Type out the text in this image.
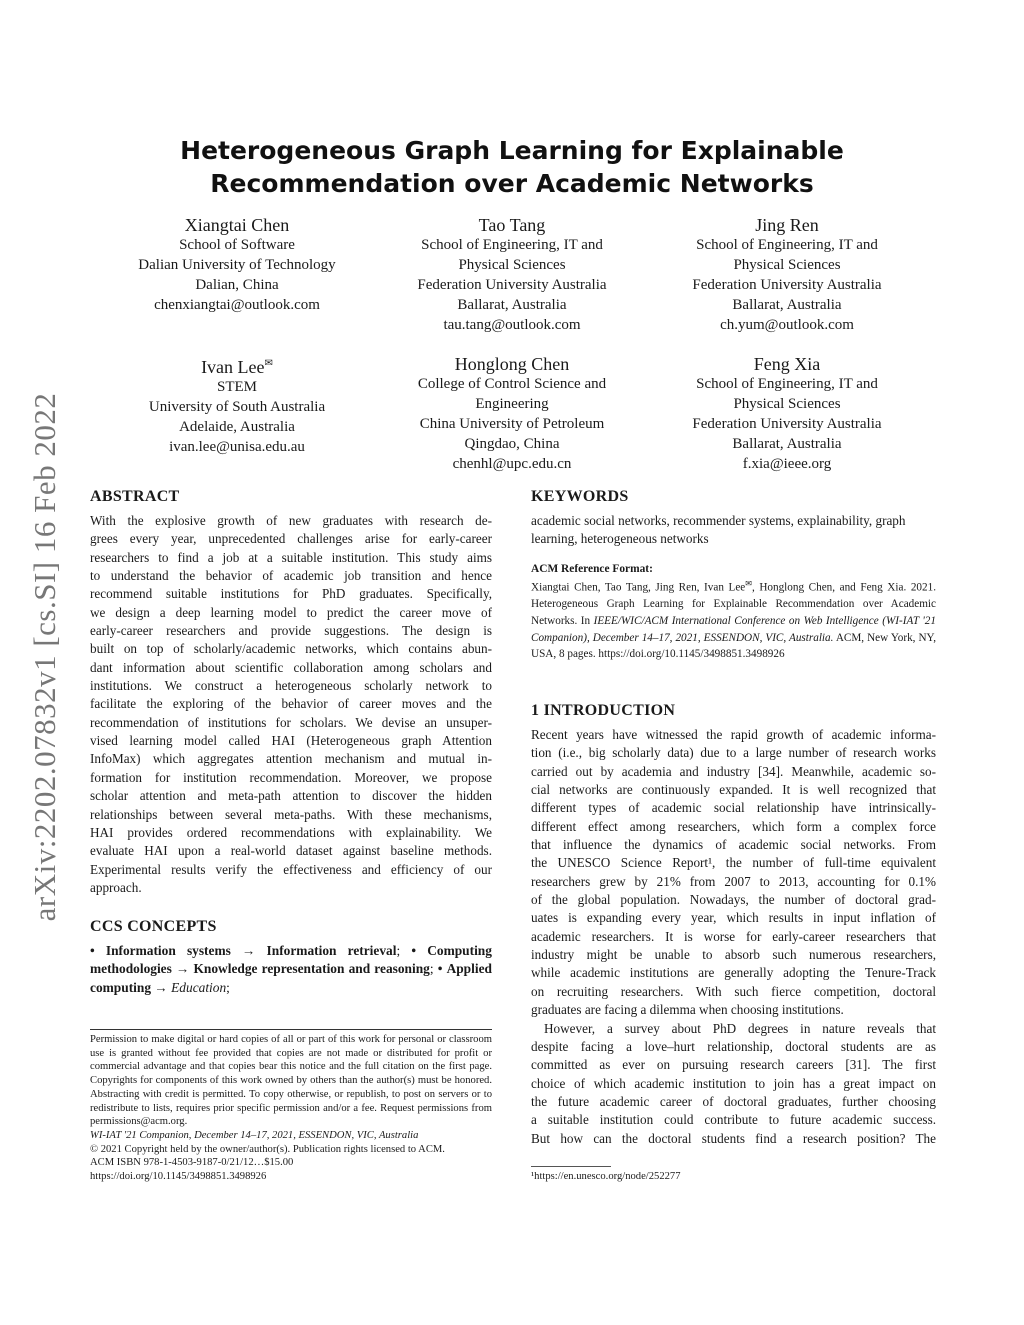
Heterogeneous Graph Learning for Explainable
Recommendation over Academic Networks
Xiangtai Chen
School of Software
Dalian University of Technology
Dalian, China
chenxiangtai@outlook.com
Tao Tang
School of Engineering, IT and
Physical Sciences
Federation University Australia
Ballarat, Australia
tau.tang@outlook.com
Jing Ren
School of Engineering, IT and
Physical Sciences
Federation University Australia
Ballarat, Australia
ch.yum@outlook.com
Ivan Lee✉
STEM
University of South Australia
Adelaide, Australia
ivan.lee@unisa.edu.au
Honglong Chen
College of Control Science and
Engineering
China University of Petroleum
Qingdao, China
chenhl@upc.edu.cn
Feng Xia
School of Engineering, IT and
Physical Sciences
Federation University Australia
Ballarat, Australia
f.xia@ieee.org
arXiv:2202.07832v1 [cs.SI] 16 Feb 2022 ABSTRACT
With the explosive growth of new graduates with research de-
grees every year, unprecedented challenges arise for early-career
researchers to find a job at a suitable institution. This study aims
to understand the behavior of academic job transition and hence
recommend suitable institutions for PhD graduates. Specifically,
we design a deep learning model to predict the career move of
early-career researchers and provide suggestions. The design is
built on top of scholarly/academic networks, which contains abun-
dant information about scientific collaboration among scholars and
institutions. We construct a heterogeneous scholarly network to
facilitate the exploring of the behavior of career moves and the
recommendation of institutions for scholars. We devise an unsuper-
vised learning model called HAI (Heterogeneous graph Attention
InfoMax) which aggregates attention mechanism and mutual in-
formation for institution recommendation. Moreover, we propose
scholar attention and meta-path attention to discover the hidden
relationships between several meta-paths. With these mechanisms,
HAI provides ordered recommendations with explainability. We
evaluate HAI upon a real-world dataset against baseline methods.
Experimental results verify the effectiveness and efficiency of our
approach.
CCS CONCEPTS
• Information systems → Information retrieval; • Computing methodologies → Knowledge representation and reasoning; • Applied computing → Education;
Permission to make digital or hard copies of all or part of this work for personal or classroom use is granted without fee provided that copies are not made or distributed for profit or commercial advantage and that copies bear this notice and the full citation on the first page. Copyrights for components of this work owned by others than the author(s) must be honored. Abstracting with credit is permitted. To copy otherwise, or republish, to post on servers or to redistribute to lists, requires prior specific permission and/or a fee. Request permissions from permissions@acm.org.
WI-IAT '21 Companion, December 14–17, 2021, ESSENDON, VIC, Australia
© 2021 Copyright held by the owner/author(s). Publication rights licensed to ACM.
ACM ISBN 978-1-4503-9187-0/21/12…$15.00
https://doi.org/10.1145/3498851.3498926
KEYWORDS
academic social networks, recommender systems, explainability, graph learning, heterogeneous networks
ACM Reference Format:
Xiangtai Chen, Tao Tang, Jing Ren, Ivan Lee✉, Honglong Chen, and Feng Xia. 2021. Heterogeneous Graph Learning for Explainable Recommendation over Academic Networks. In IEEE/WIC/ACM International Conference on Web Intelligence (WI-IAT '21 Companion), December 14–17, 2021, ESSENDON, VIC, Australia. ACM, New York, NY, USA, 8 pages. https://doi.org/10.1145/3498851.3498926
1 INTRODUCTION
Recent years have witnessed the rapid growth of academic informa-
tion (i.e., big scholarly data) due to a large number of research works
carried out by academia and industry [34]. Meanwhile, academic so-
cial networks are continuously expanded. It is well recognized that
different types of academic social relationship have intrinsically-
different effect among researchers, which form a complex force
that influence the dynamics of academic social networks. From
the UNESCO Science Report¹, the number of full-time equivalent
researchers grew by 21% from 2007 to 2013, accounting for 0.1%
of the global population. Nowadays, the number of doctoral grad-
uates is expanding every year, which results in input inflation of
academic researchers. It is worse for early-career researchers that
industry might be unable to absorb such numerous researchers,
while academic institutions are generally adopting the Tenure-Track
on recruiting researchers. With such fierce competition, doctoral
graduates are facing a dilemma when choosing institutions.
However, a survey about PhD degrees in nature reveals that
despite facing a love–hurt relationship, doctoral students are as
committed as ever on pursuing research careers [31]. The first
choice of which academic institution to join has a great impact on
the future academic career of doctoral graduates, further choosing
a suitable institution could contribute to future academic success.
But how can the doctoral students find a research position? The
¹https://en.unesco.org/node/252277
